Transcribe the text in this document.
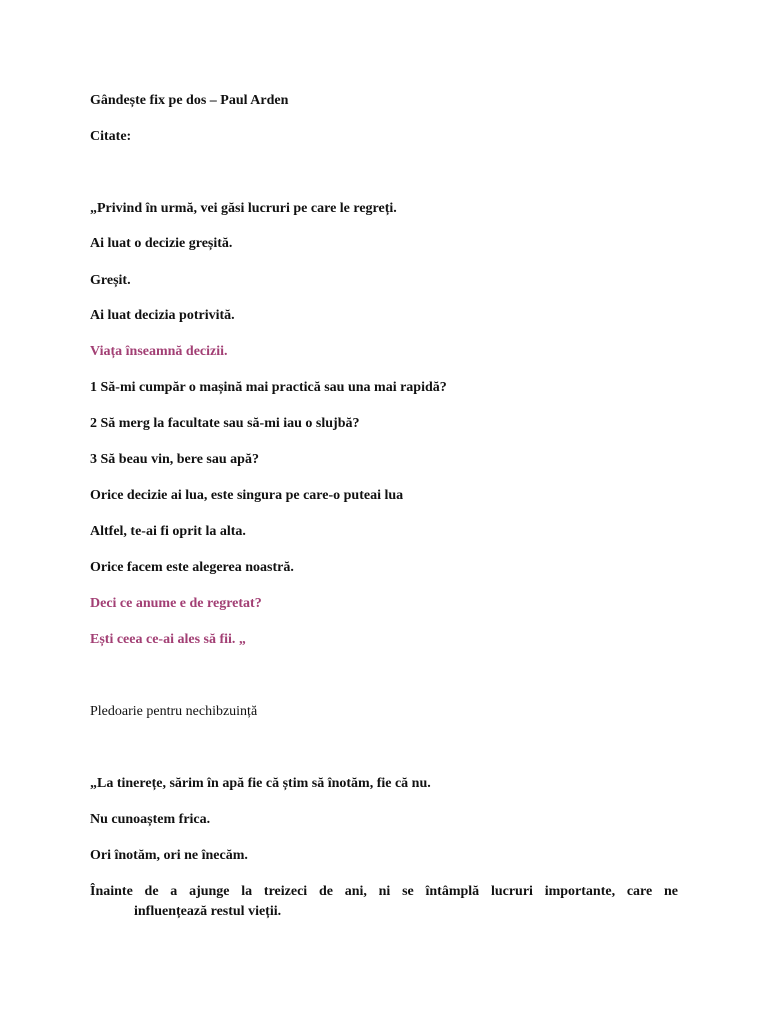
Gândește fix pe dos – Paul Arden
Citate:
„Privind în urmă, vei găsi lucruri pe care le regreți.
Ai luat o decizie greșită.
Greșit.
Ai luat decizia potrivită.
Viața înseamnă decizii.
1 Să-mi cumpăr o mașină mai practică sau una mai rapidă?
2 Să merg la facultate sau să-mi iau o slujbă?
3 Să beau vin, bere sau apă?
Orice decizie ai lua, este singura pe care-o puteai lua
Altfel, te-ai fi oprit la alta.
Orice facem este alegerea noastră.
Deci ce anume e de regretat?
Ești ceea ce-ai ales să fii. „
Pledoarie pentru nechibzuință
„La tinerețe, sărim în apă fie că știm să înotăm, fie că nu.
Nu cunoaștem frica.
Ori înotăm, ori ne înecăm.
Înainte de a ajunge la treizeci de ani, ni se întâmplă lucruri importante, care ne
influențează restul vieții.
